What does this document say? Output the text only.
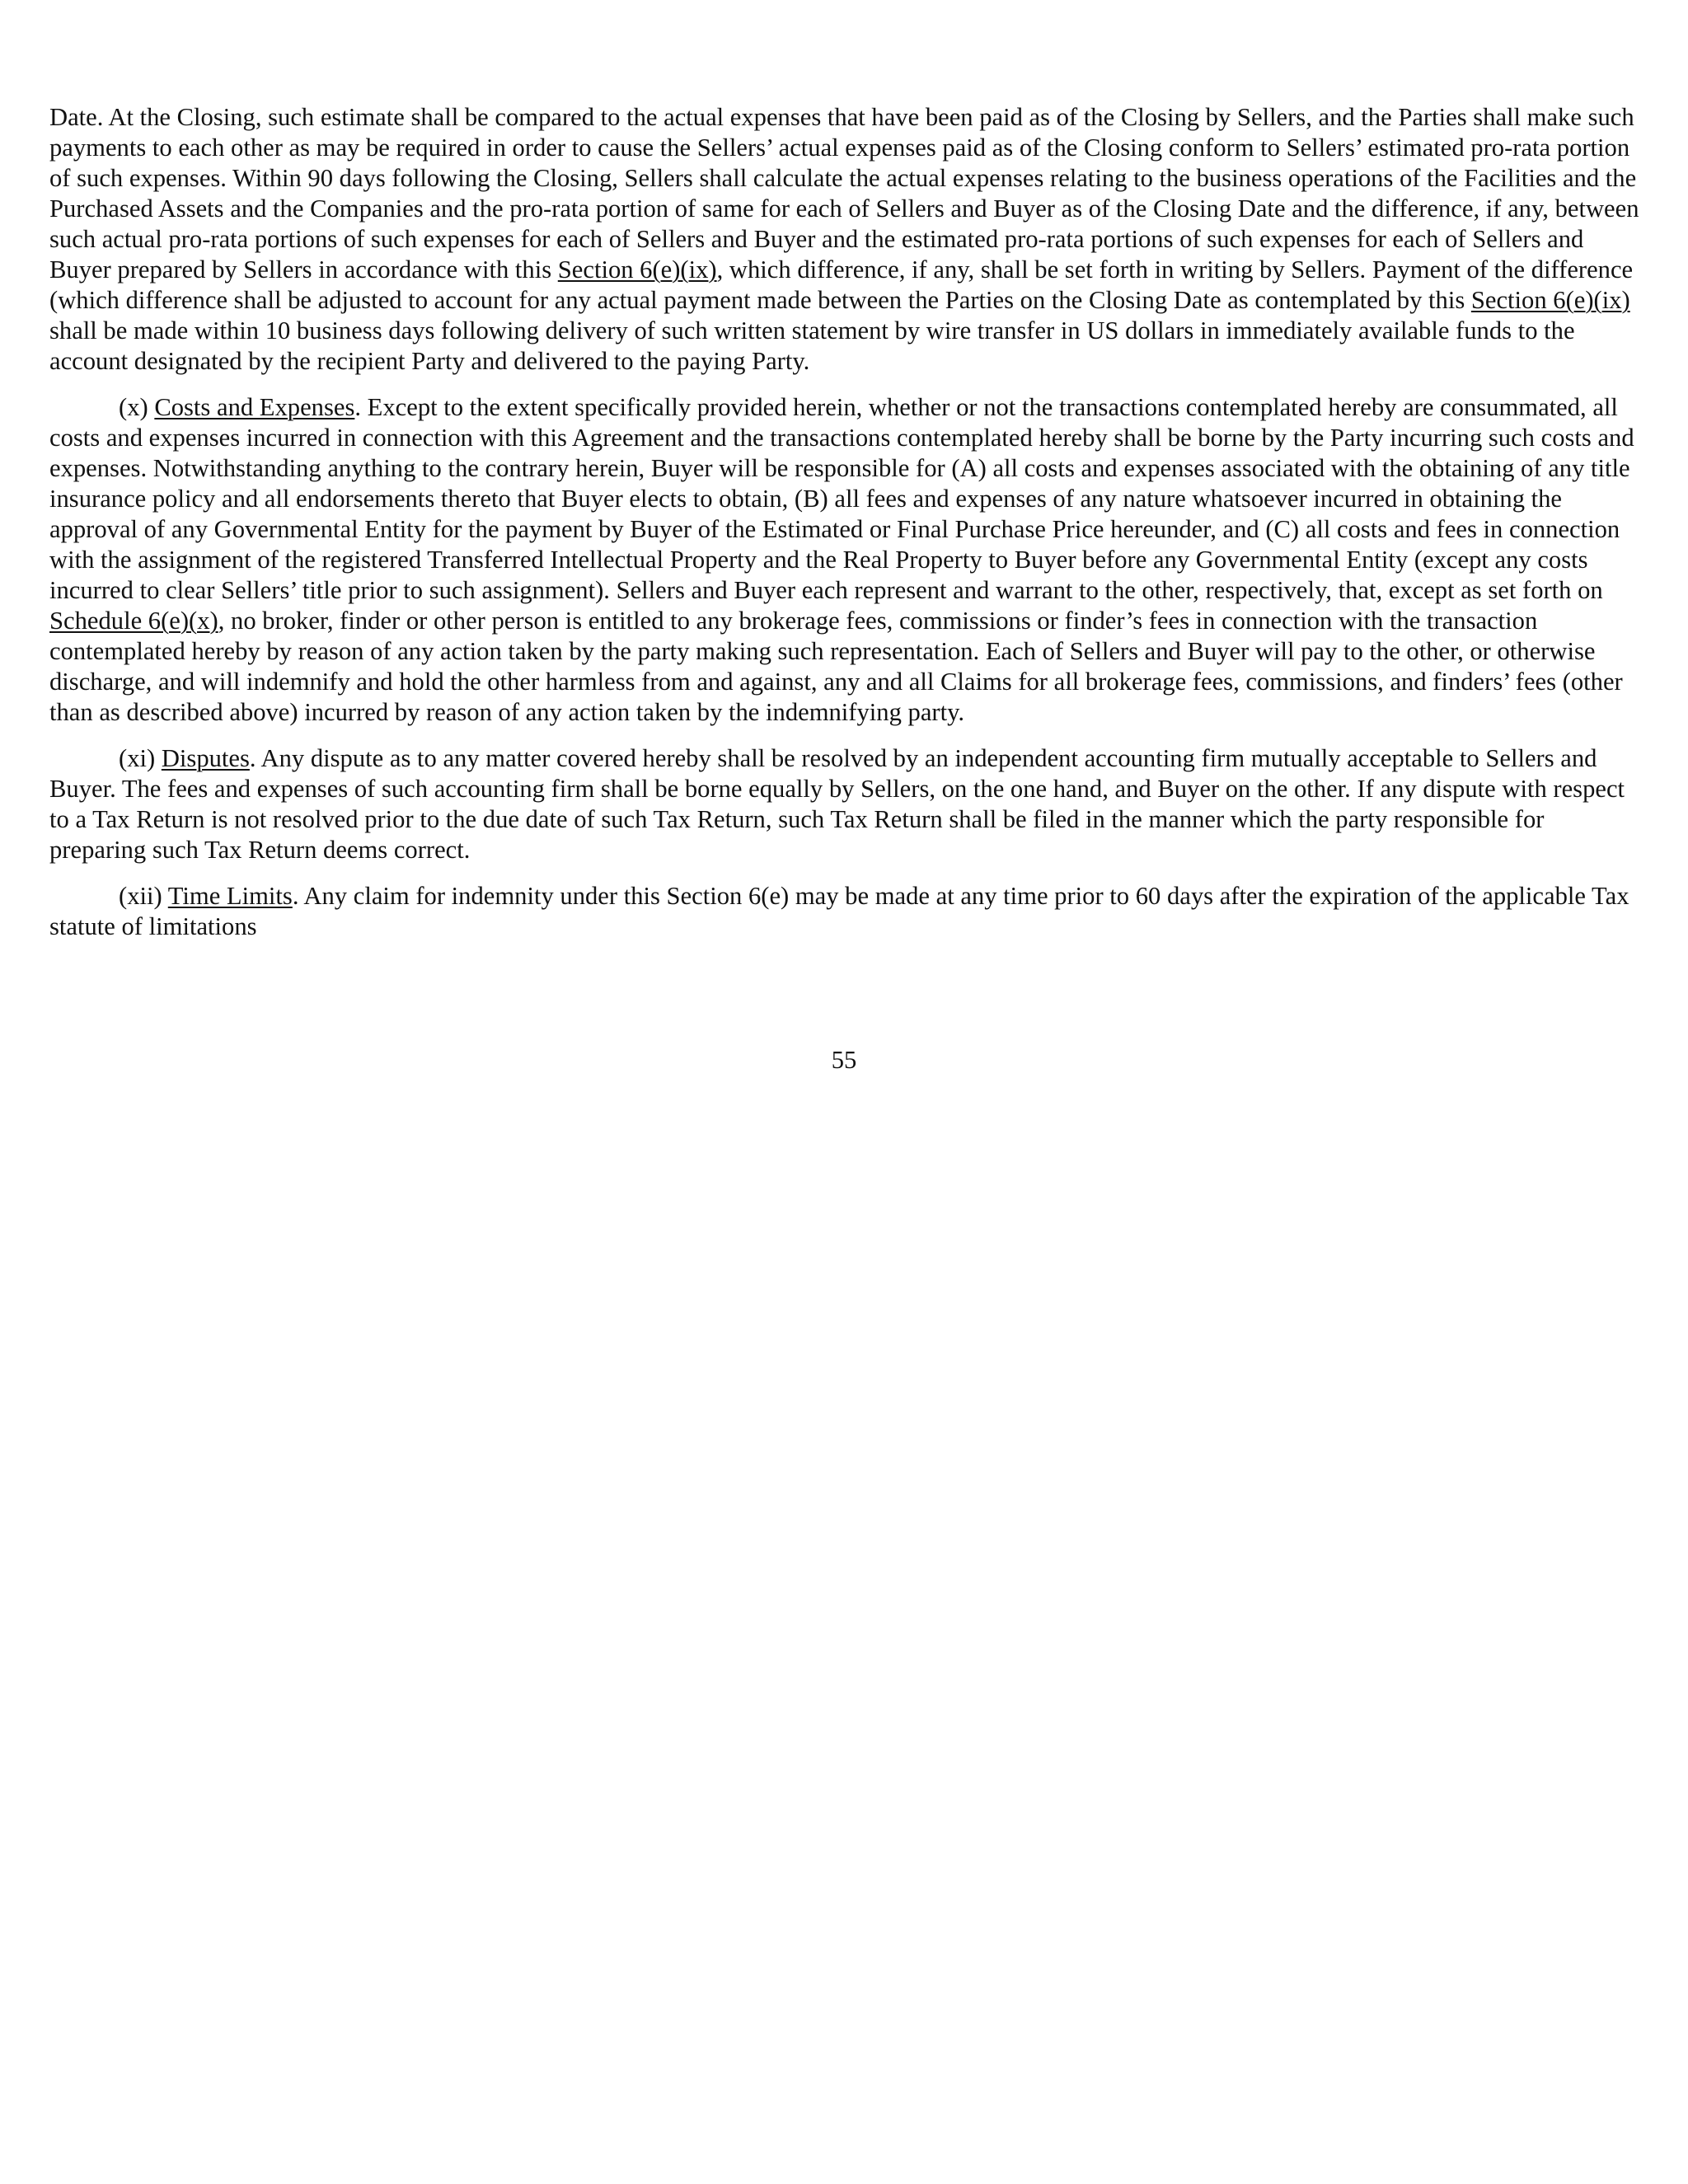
Date. At the Closing, such estimate shall be compared to the actual expenses that have been paid as of the Closing by Sellers, and the Parties shall make such payments to each other as may be required in order to cause the Sellers’ actual expenses paid as of the Closing conform to Sellers’ estimated pro-rata portion of such expenses. Within 90 days following the Closing, Sellers shall calculate the actual expenses relating to the business operations of the Facilities and the Purchased Assets and the Companies and the pro-rata portion of same for each of Sellers and Buyer as of the Closing Date and the difference, if any, between such actual pro-rata portions of such expenses for each of Sellers and Buyer and the estimated pro-rata portions of such expenses for each of Sellers and Buyer prepared by Sellers in accordance with this Section 6(e)(ix), which difference, if any, shall be set forth in writing by Sellers. Payment of the difference (which difference shall be adjusted to account for any actual payment made between the Parties on the Closing Date as contemplated by this Section 6(e)(ix) shall be made within 10 business days following delivery of such written statement by wire transfer in US dollars in immediately available funds to the account designated by the recipient Party and delivered to the paying Party.

(x) Costs and Expenses. Except to the extent specifically provided herein, whether or not the transactions contemplated hereby are consummated, all costs and expenses incurred in connection with this Agreement and the transactions contemplated hereby shall be borne by the Party incurring such costs and expenses. Notwithstanding anything to the contrary herein, Buyer will be responsible for (A) all costs and expenses associated with the obtaining of any title insurance policy and all endorsements thereto that Buyer elects to obtain, (B) all fees and expenses of any nature whatsoever incurred in obtaining the approval of any Governmental Entity for the payment by Buyer of the Estimated or Final Purchase Price hereunder, and (C) all costs and fees in connection with the assignment of the registered Transferred Intellectual Property and the Real Property to Buyer before any Governmental Entity (except any costs incurred to clear Sellers’ title prior to such assignment). Sellers and Buyer each represent and warrant to the other, respectively, that, except as set forth on Schedule 6(e)(x), no broker, finder or other person is entitled to any brokerage fees, commissions or finder’s fees in connection with the transaction contemplated hereby by reason of any action taken by the party making such representation. Each of Sellers and Buyer will pay to the other, or otherwise discharge, and will indemnify and hold the other harmless from and against, any and all Claims for all brokerage fees, commissions, and finders’ fees (other than as described above) incurred by reason of any action taken by the indemnifying party.

(xi) Disputes. Any dispute as to any matter covered hereby shall be resolved by an independent accounting firm mutually acceptable to Sellers and Buyer. The fees and expenses of such accounting firm shall be borne equally by Sellers, on the one hand, and Buyer on the other. If any dispute with respect to a Tax Return is not resolved prior to the due date of such Tax Return, such Tax Return shall be filed in the manner which the party responsible for preparing such Tax Return deems correct.

(xii) Time Limits. Any claim for indemnity under this Section 6(e) may be made at any time prior to 60 days after the expiration of the applicable Tax statute of limitations

55
